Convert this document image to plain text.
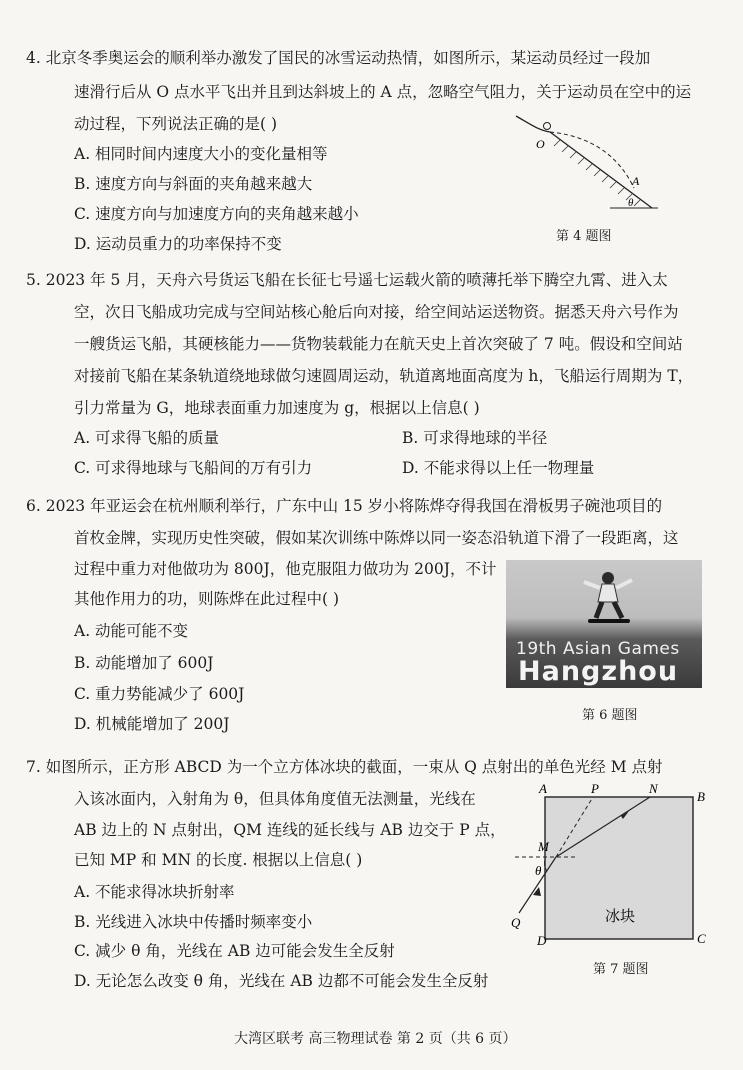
4. 北京冬季奥运会的顺利举办激发了国民的冰雪运动热情，如图所示，某运动员经过一段加
速滑行后从 O 点水平飞出并且到达斜坡上的 A 点，忽略空气阻力，关于运动员在空中的运
动过程，下列说法正确的是( )
A. 相同时间内速度大小的变化量相等
B. 速度方向与斜面的夹角越来越大
C. 速度方向与加速度方向的夹角越来越小
D. 运动员重力的功率保持不变
O
A
θ
第 4 题图
5. 2023 年 5 月，天舟六号货运飞船在长征七号遥七运载火箭的喷薄托举下腾空九霄、进入太
空，次日飞船成功完成与空间站核心舱后向对接，给空间站运送物资。据悉天舟六号作为
一艘货运飞船，其硬核能力——货物装载能力在航天史上首次突破了 7 吨。假设和空间站
对接前飞船在某条轨道绕地球做匀速圆周运动，轨道离地面高度为 h，飞船运行周期为 T，
引力常量为 G，地球表面重力加速度为 g，根据以上信息( )
A. 可求得飞船的质量	B. 可求得地球的半径
C. 可求得地球与飞船间的万有引力	D. 不能求得以上任一物理量
6. 2023 年亚运会在杭州顺利举行，广东中山 15 岁小将陈烨夺得我国在滑板男子碗池项目的
首枚金牌，实现历史性突破，假如某次训练中陈烨以同一姿态沿轨道下滑了一段距离，这
过程中重力对他做功为 800J，他克服阻力做功为 200J，不计
其他作用力的功，则陈烨在此过程中( )
A. 动能可能不变
B. 动能增加了 600J
C. 重力势能减少了 600J
D. 机械能增加了 200J
19th Asian Games
Hangzhou
第 6 题图
7. 如图所示，正方形 ABCD 为一个立方体冰块的截面，一束从 Q 点射出的单色光经 M 点射
入该冰面内，入射角为 θ，但具体角度值无法测量，光线在
AB 边上的 N 点射出，QM 连线的延长线与 AB 边交于 P 点，
已知 MP 和 MN 的长度. 根据以上信息( )
A. 不能求得冰块折射率
B. 光线进入冰块中传播时频率变小
C. 减少 θ 角，光线在 AB 边可能会发生全反射
D. 无论怎么改变 θ 角，光线在 AB 边都不可能会发生全反射
A	P	N
B
M
θ
Q
D	C
冰块
第 7 题图
大湾区联考 高三物理试卷 第 2 页（共 6 页）
